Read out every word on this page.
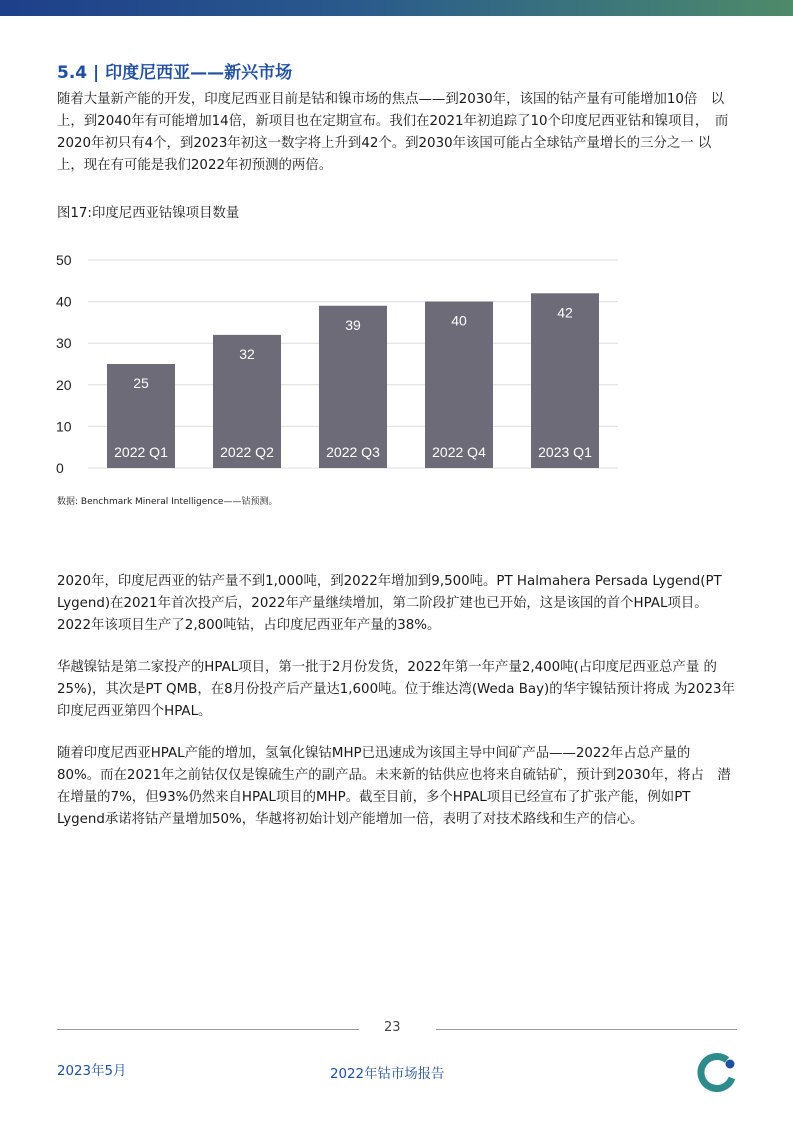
5.4 | 印度尼西亚——新兴市场

随着大量新产能的开发，印度尼西亚目前是钴和镍市场的焦点——到2030年，该国的钴产量有可能增加10倍　以上，到2040年有可能增加14倍，新项目也在定期宣布。我们在2021年初追踪了10个印度尼西亚钴和镍项目，　而2020年初只有4个，到2023年初这一数字将上升到42个。到2030年该国可能占全球钴产量增长的三分之一 以上，现在有可能是我们2022年初预测的两倍。

图17:印度尼西亚钴镍项目数量
0
10
20
30
40
50
25
2022 Q1
32
2022 Q2
39
2022 Q3
40
2022 Q4
42
2023 Q1
数据: Benchmark Mineral Intelligence——钴预测。

2020年，印度尼西亚的钴产量不到1,000吨，到2022年增加到9,500吨。PT Halmahera Persada Lygend(PT Lygend)在2021年首次投产后，2022年产量继续增加，第二阶段扩建也已开始，这是该国的首个HPAL项目。 2022年该项目生产了2,800吨钴，占印度尼西亚年产量的38%。

华越镍钴是第二家投产的HPAL项目，第一批于2月份发货，2022年第一年产量2,400吨(占印度尼西亚总产量 的25%)，其次是PT QMB，在8月份投产后产量达1,600吨。位于维达湾(Weda Bay)的华宇镍钴预计将成 为2023年印度尼西亚第四个HPAL。

随着印度尼西亚HPAL产能的增加，氢氧化镍钴MHP已迅速成为该国主导中间矿产品——2022年占总产量的　 80%。而在2021年之前钴仅仅是镍硫生产的副产品。未来新的钴供应也将来自硫钴矿，预计到2030年，将占　潜在增量的7%，但93%仍然来自HPAL项目的MHP。截至目前，多个HPAL项目已经宣布了扩张产能，例如PT Lygend承诺将钴产量增加50%，华越将初始计划产能增加一倍，表明了对技术路线和生产的信心。

23
2023年5月	2022年钴市场报告
